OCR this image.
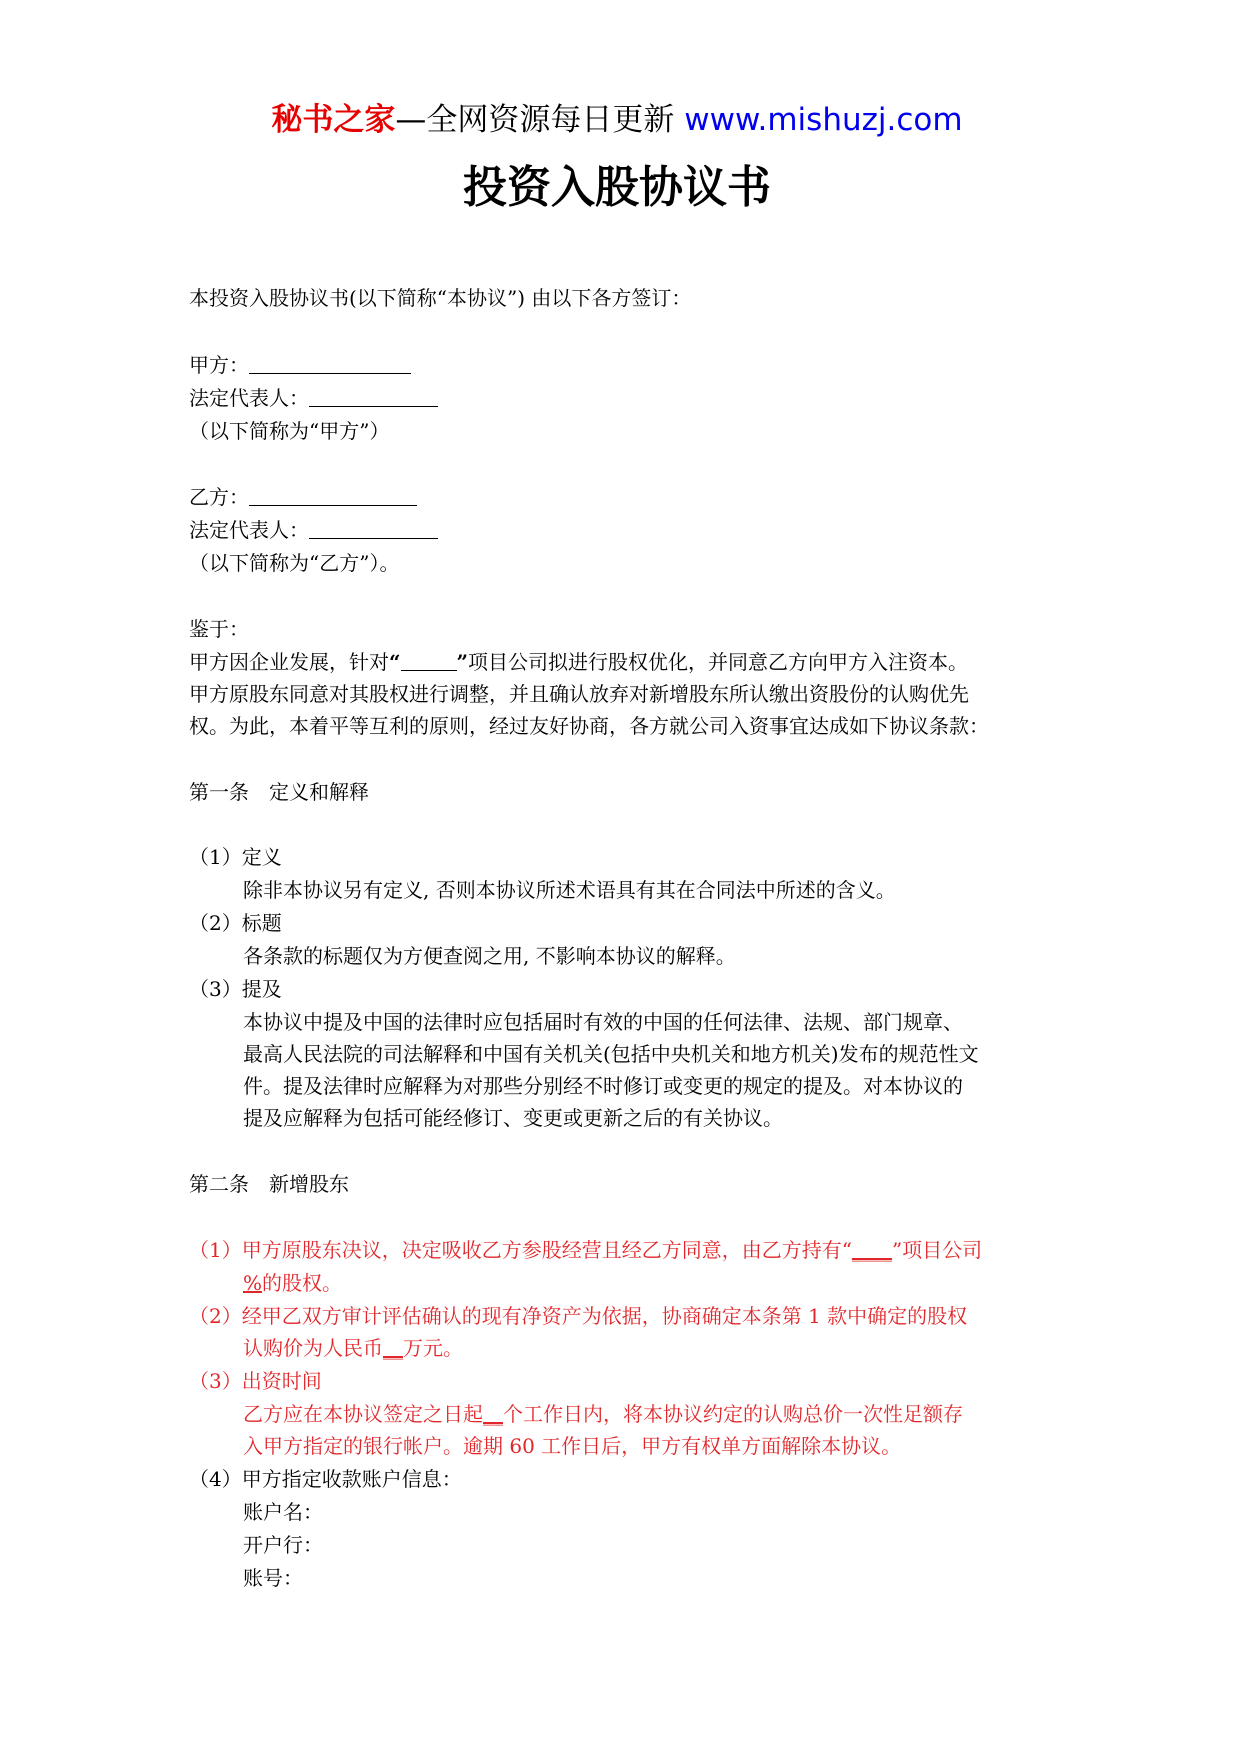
秘书之家—全网资源每日更新 www.mishuzj.com
投资入股协议书
本投资入股协议书(以下简称“本协议”) 由以下各方签订：
甲方：
法定代表人：
（以下简称为“甲方”）
乙方：
法定代表人：
（以下简称为“乙方”）。
鉴于：
甲方因企业发展，针对“	”项目公司拟进行股权优化，并同意乙方向甲方入注资本。
甲方原股东同意对其股权进行调整，并且确认放弃对新增股东所认缴出资股份的认购优先
权。为此，本着平等互利的原则，经过友好协商，各方就公司入资事宜达成如下协议条款：
第一条　定义和解释
（1）定义
除非本协议另有定义, 否则本协议所述术语具有其在合同法中所述的含义。
（2）标题
各条款的标题仅为方便查阅之用, 不影响本协议的解释。
（3）提及
本协议中提及中国的法律时应包括届时有效的中国的任何法律、法规、部门规章、
最高人民法院的司法解释和中国有关机关(包括中央机关和地方机关)发布的规范性文
件。提及法律时应解释为对那些分别经不时修订或变更的规定的提及。对本协议的
提及应解释为包括可能经修订、变更或更新之后的有关协议。
第二条　新增股东
（1）甲方原股东决议，决定吸收乙方参股经营且经乙方同意，由乙方持有“____”项目公司
%的股权。
（2）经甲乙双方审计评估确认的现有净资产为依据，协商确定本条第 1 款中确定的股权
认购价为人民币__万元。
（3）出资时间
乙方应在本协议签定之日起__个工作日内，将本协议约定的认购总价一次性足额存
入甲方指定的银行帐户。逾期 60 工作日后，甲方有权单方面解除本协议。
（4）甲方指定收款账户信息：
账户名：
开户行：
账号：
